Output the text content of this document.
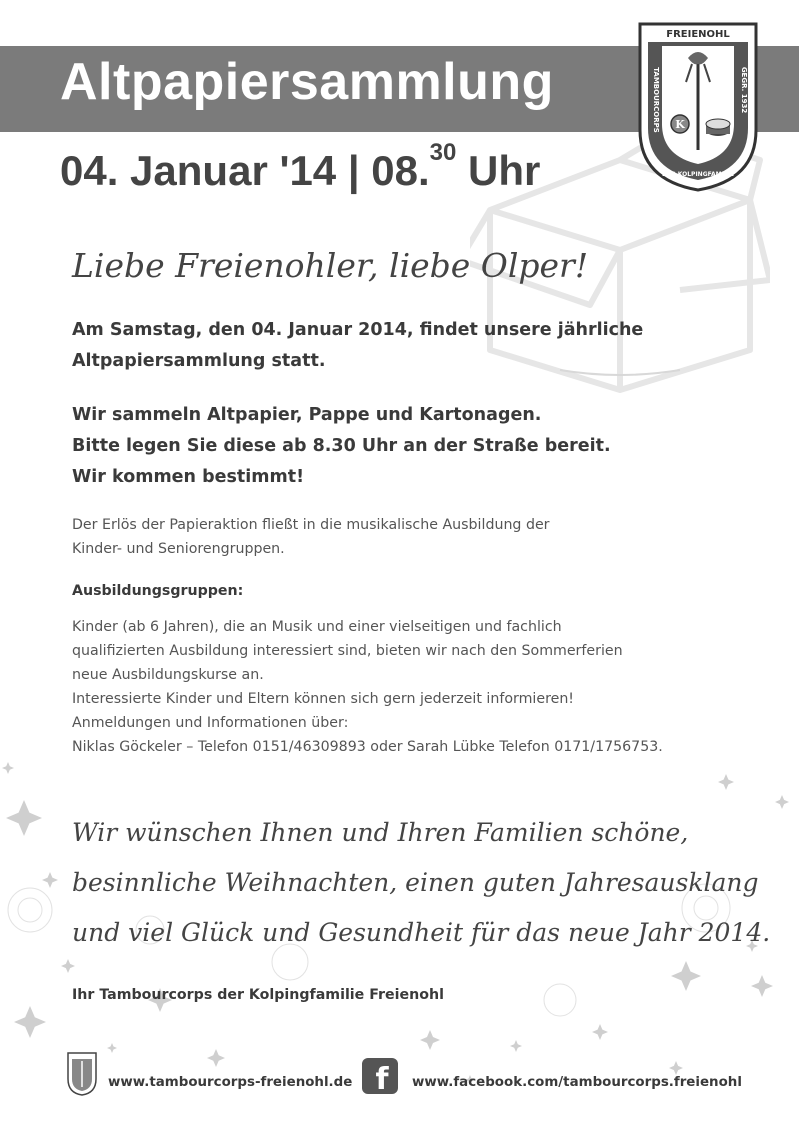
Altpapiersammlung
FREIENOHL
TAMBOURCORPS	GEGR. 1932
DER KOLPINGFAMILIE
K
04. Januar '14 | 08.30 Uhr
Liebe Freienohler, liebe Olper!
Am Samstag, den 04. Januar 2014, findet unsere jährliche
Altpapiersammlung statt.
Wir sammeln Altpapier, Pappe und Kartonagen.
Bitte legen Sie diese ab 8.30 Uhr an der Straße bereit.
Wir kommen bestimmt!
Der Erlös der Papieraktion fließt in die musikalische Ausbildung der
Kinder- und Seniorengruppen.
Ausbildungsgruppen:
Kinder (ab 6 Jahren), die an Musik und einer vielseitigen und fachlich
qualifizierten Ausbildung interessiert sind, bieten wir nach den Sommerferien
neue Ausbildungskurse an.
Interessierte Kinder und Eltern können sich gern jederzeit informieren!
Anmeldungen und Informationen über:
Niklas Göckeler – Telefon 0151/46309893 oder Sarah Lübke Telefon 0171/1756753.
Wir wünschen Ihnen und Ihren Familien schöne,
besinnliche Weihnachten, einen guten Jahresausklang
und viel Glück und Gesundheit für das neue Jahr 2014.
Ihr Tambourcorps der Kolpingfamilie Freienohl
www.tambourcorps-freienohl.de f www.facebook.com/tambourcorps.freienohl
